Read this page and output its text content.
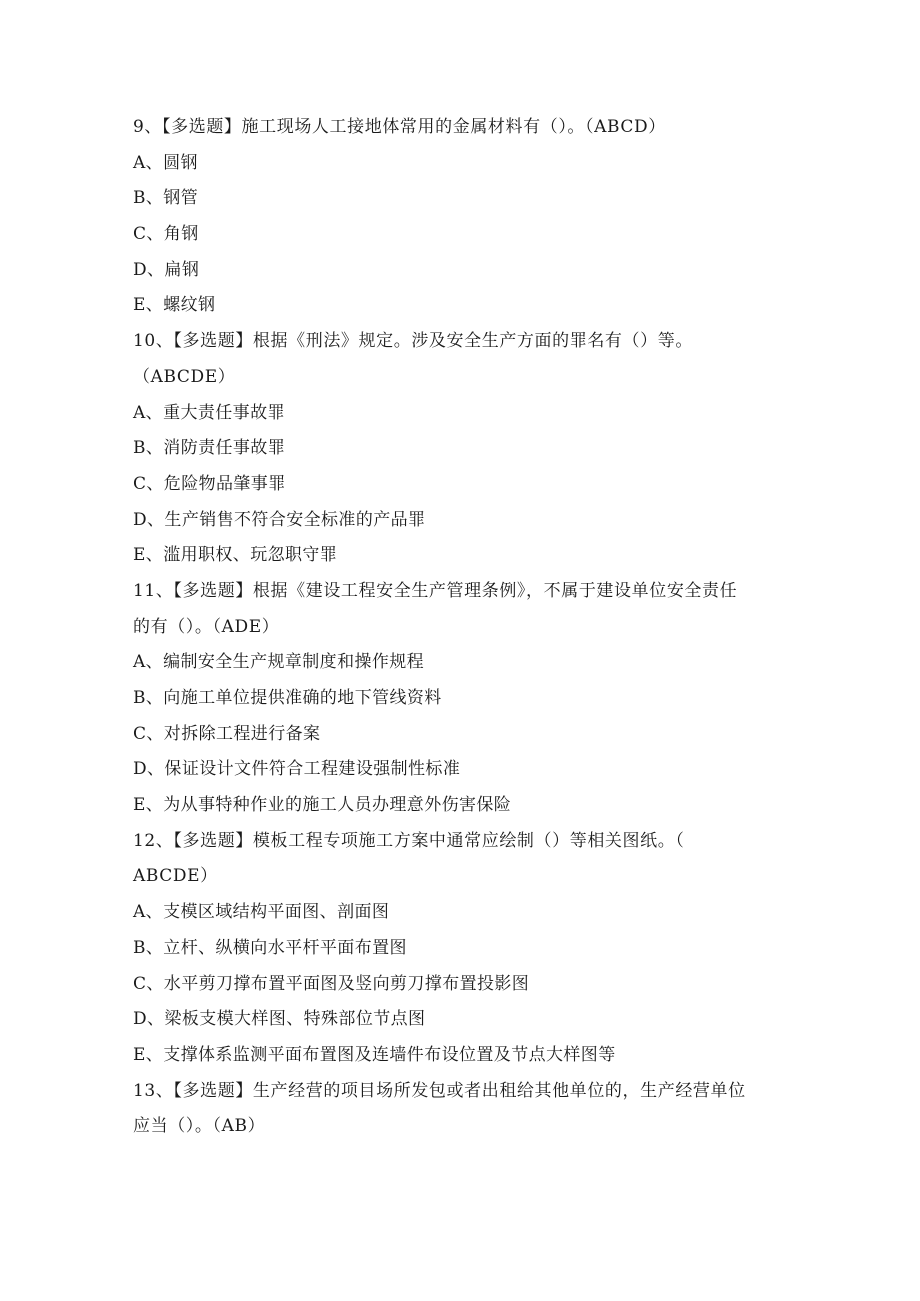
9、【多选题】施工现场人工接地体常用的金属材料有（）。（ABCD）
A、圆钢
B、钢管
C、角钢
D、扁钢
E、螺纹钢
10、【多选题】根据《刑法》规定。涉及安全生产方面的罪名有（）等。
（ABCDE）
A、重大责任事故罪
B、消防责任事故罪
C、危险物品肇事罪
D、生产销售不符合安全标准的产品罪
E、滥用职权、玩忽职守罪
11、【多选题】根据《建设工程安全生产管理条例》，不属于建设单位安全责任
的有（）。（ADE）
A、编制安全生产规章制度和操作规程
B、向施工单位提供准确的地下管线资料
C、对拆除工程进行备案
D、保证设计文件符合工程建设强制性标准
E、为从事特种作业的施工人员办理意外伤害保险
12、【多选题】模板工程专项施工方案中通常应绘制（）等相关图纸。（
ABCDE）
A、支模区域结构平面图、剖面图
B、立杆、纵横向水平杆平面布置图
C、水平剪刀撑布置平面图及竖向剪刀撑布置投影图
D、梁板支模大样图、特殊部位节点图
E、支撑体系监测平面布置图及连墙件布设位置及节点大样图等
13、【多选题】生产经营的项目场所发包或者出租给其他单位的，生产经营单位
应当（）。（AB）
